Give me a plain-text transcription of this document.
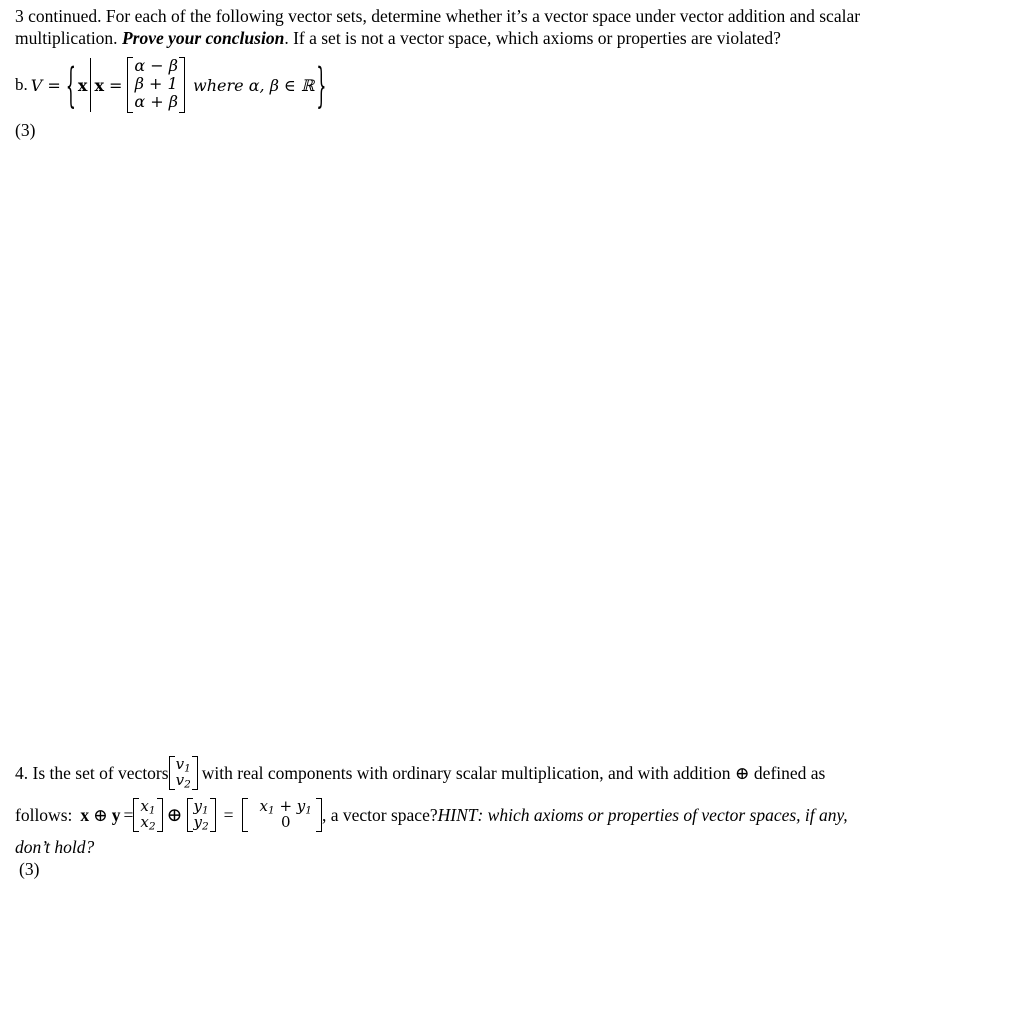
3 continued. For each of the following vector sets, determine whether it’s a vector space under vector addition and scalar
multiplication. Prove your conclusion. If a set is not a vector space, which axioms or properties are violated?
b. V = { x x =
α − β
β + 1
α + β
where α, β ∈ ℝ }
(3)
4. Is the set of vectors $v_1$
$v_2$
with real components with ordinary scalar multiplication, and with addition ⊕ defined as
follows: x ⊕ $y = x_1$
$x_2$
⊕ $y_1$
$y_2$
= $x_1 + y_1$
0	, a vector space? HINT : which axioms or properties of vector spaces, if any,
don’t hold?
(3)
